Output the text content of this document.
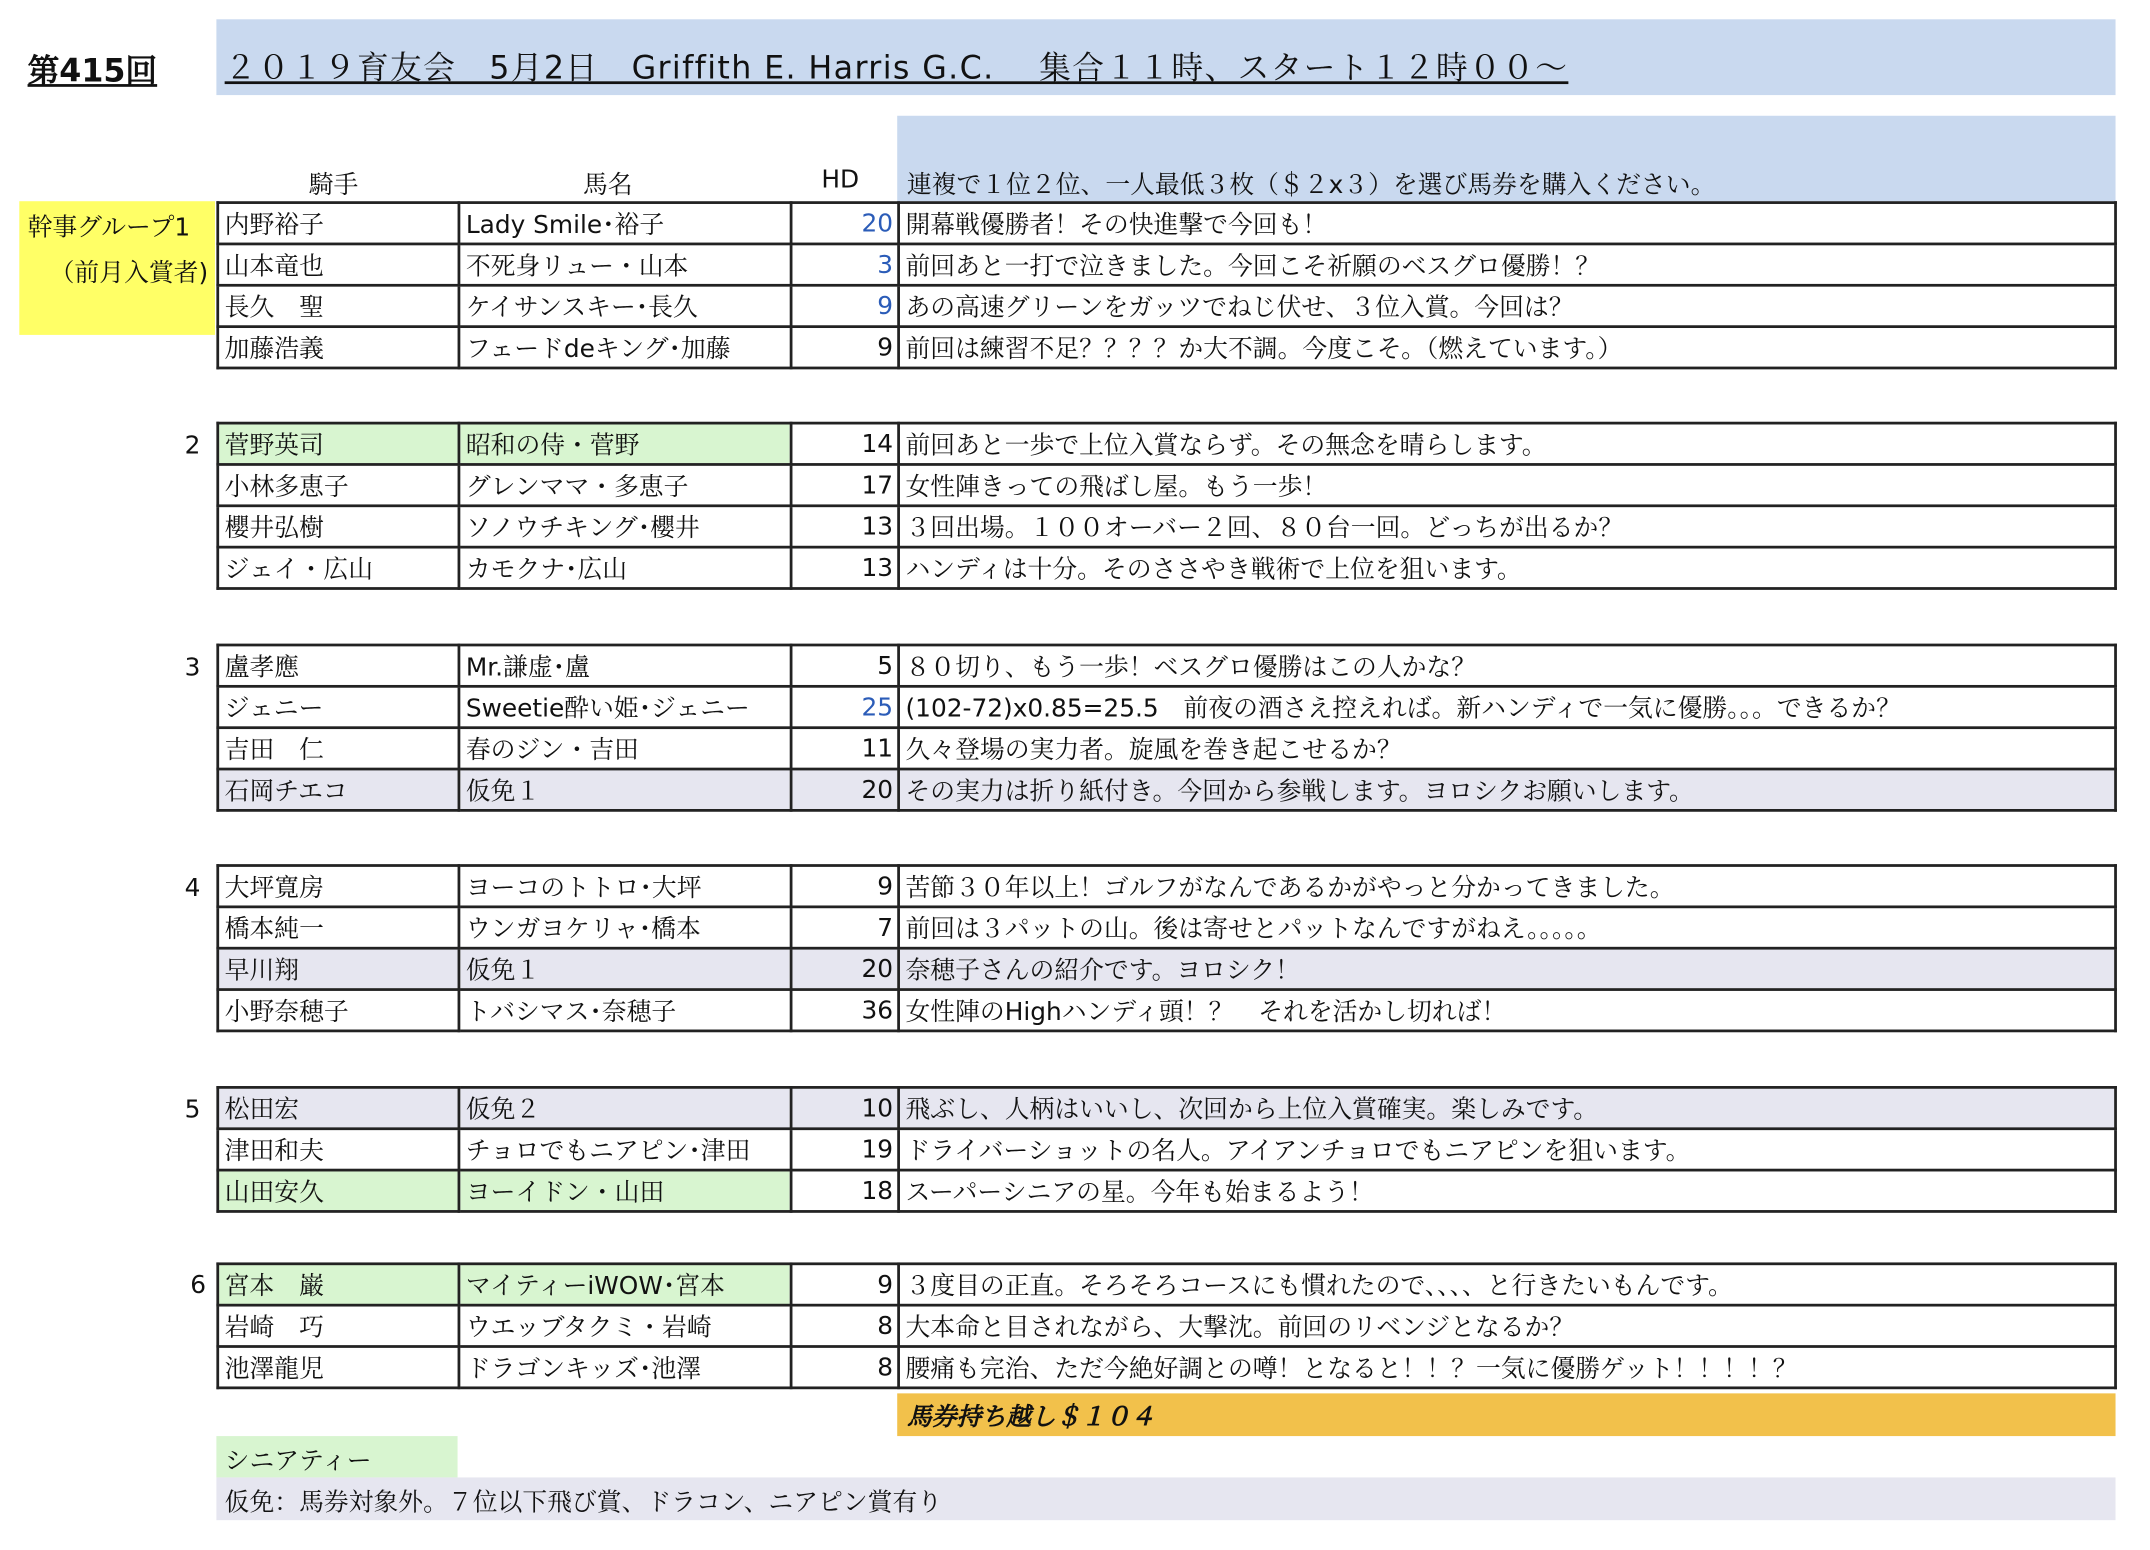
第415回	２０１９育友会　5月2日　Griffith E. Harris G.C.　 集合１１時、スタート１２時００〜
騎手	馬名	HD	連複で１位２位、一人最低３枚（＄２x３）を選び馬券を購入ください。
幹事グループ1
（前月入賞者)
内野裕子	Lady Smile･裕子	20	開幕戦優勝者！その快進撃で今回も！
山本竜也	不死身リュー・山本	3	前回あと一打で泣きました。今回こそ祈願のベスグロ優勝！？
長久　聖	ケイサンスキー･長久	9	あの高速グリーンをガッツでねじ伏せ、３位入賞。今回は？
加藤浩義	フェードdeキング･加藤	9	前回は練習不足？？？？か大不調。今度こそ。（燃えています。）
2 菅野英司	昭和の侍・菅野	14	前回あと一歩で上位入賞ならず。その無念を晴らします。
小林多恵子	グレンママ・多恵子	17	女性陣きっての飛ばし屋。もう一歩！
櫻井弘樹	ソノウチキング･櫻井	13	３回出場。１００オーバー２回、８０台一回。どっちが出るか？
ジェイ・広山	カモクナ･広山	13	ハンディは十分。そのささやき戦術で上位を狙います。
3 盧孝應	Mr.謙虚･盧	5	８０切り、もう一歩！ベスグロ優勝はこの人かな？
ジェニー	Sweetie酔い姫･ジェニー	25	(102-72)x0.85=25.5　前夜の酒さえ控えれば。新ハンディで一気に優勝。。。できるか？
吉田　仁	春のジン・吉田	11	久々登場の実力者。旋風を巻き起こせるか？
石岡チエコ	仮免１	20	その実力は折り紙付き。今回から参戦します。ヨロシクお願いします。
4 大坪寛房	ヨーコのトトロ･大坪	9	苦節３０年以上！ゴルフがなんであるかがやっと分かってきました。
橋本純一	ウンガヨケリャ･橋本	7	前回は３パットの山。後は寄せとパットなんですがねえ。。。。。
早川翔	仮免１	20	奈穂子さんの紹介です。ヨロシク！
小野奈穂子	トバシマス･奈穂子	36	女性陣のHighハンディ頭！？　それを活かし切れば！
5 松田宏	仮免２	10	飛ぶし、人柄はいいし、次回から上位入賞確実。楽しみです。
津田和夫	チョロでもニアピン･津田	19	ドライバーショットの名人。アイアンチョロでもニアピンを狙います。
山田安久	ヨーイドン・山田	18	スーパーシニアの星。今年も始まるよう！
6 宮本　巌	マイティーiWOW･宮本	9	３度目の正直。そろそろコースにも慣れたので、、、、と行きたいもんです。
岩崎　巧	ウエッブタクミ・岩崎	8	大本命と目されながら、大撃沈。前回のリベンジとなるか？
池澤龍児	ドラゴンキッズ･池澤	8	腰痛も完治、ただ今絶好調との噂！となると！！？一気に優勝ゲット！！！！？
馬券持ち越し＄１０４
シニアティー
仮免：馬券対象外。７位以下飛び賞、ドラコン、ニアピン賞有り
